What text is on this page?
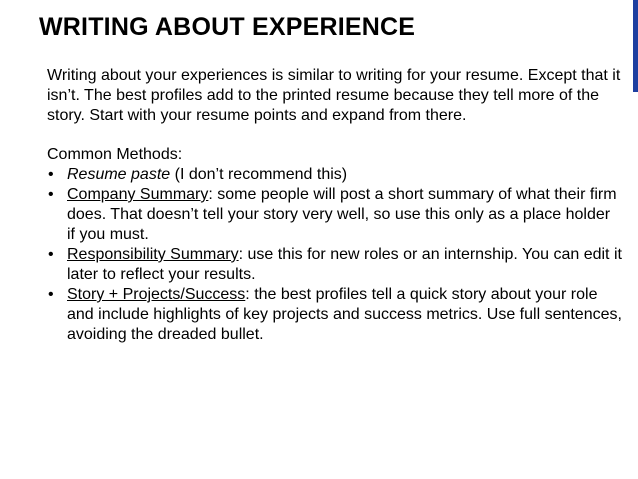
WRITING ABOUT EXPERIENCE

Writing about your experiences is similar to writing for your resume. Except that it isn’t. The best profiles add to the printed resume because they tell more of the story. Start with your resume points and expand from there.

Common Methods:

• Resume paste (I don’t recommend this)
• Company Summary: some people will post a short summary of what their firm does. That doesn’t tell your story very well, so use this only as a place holder if you must.
• Responsibility Summary: use this for new roles or an internship. You can edit it later to reflect your results.
• Story + Projects/Success: the best profiles tell a quick story about your role and include highlights of key projects and success metrics. Use full sentences, avoiding the dreaded bullet.
